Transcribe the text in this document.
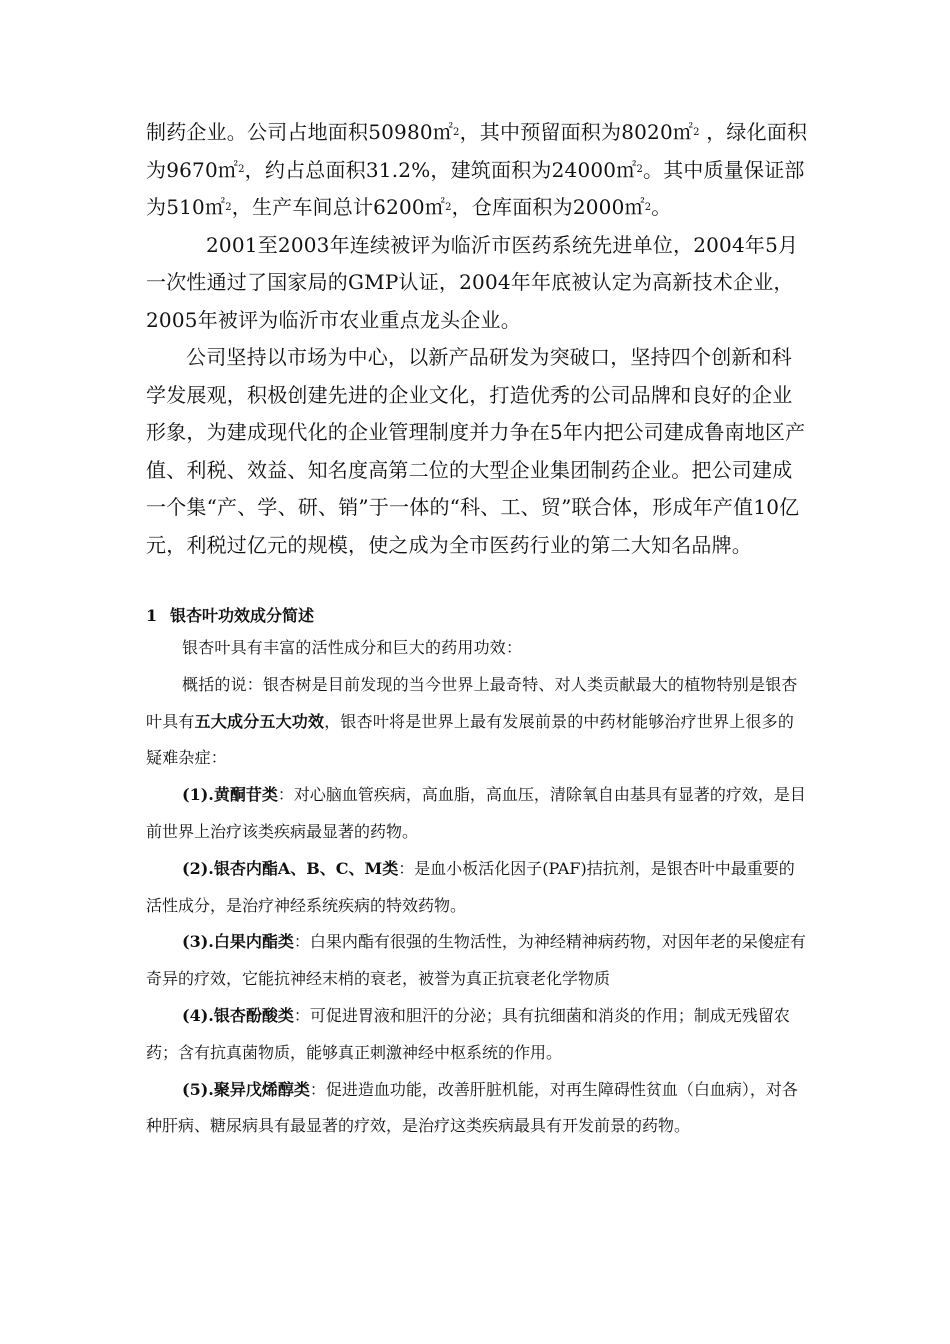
制药企业。公司占地面积50980㎡$^2$，其中预留面积为8020㎡$^2$ ，绿化面积为9670㎡$^2$，约占总面积31.2%，建筑面积为24000㎡$^2$。其中质量保证部为510㎡$^2$，生产车间总计6200㎡$^2$，仓库面积为2000㎡$^2$。

2001至2003年连续被评为临沂市医药系统先进单位，2004年5月一次性通过了国家局的GMP认证，2004年年底被认定为高新技术企业，2005年被评为临沂市农业重点龙头企业。

公司坚持以市场为中心，以新产品研发为突破口，坚持四个创新和科学发展观，积极创建先进的企业文化，打造优秀的公司品牌和良好的企业形象，为建成现代化的企业管理制度并力争在5年内把公司建成鲁南地区产值、利税、效益、知名度高第二位的大型企业集团制药企业。把公司建成一个集“产、学、研、销”于一体的“科、工、贸”联合体，形成年产值10亿元，利税过亿元的规模，使之成为全市医药行业的第二大知名品牌。

1 银杏叶功效成分简述

银杏叶具有丰富的活性成分和巨大的药用功效：

概括的说：银杏树是目前发现的当今世界上最奇特、对人类贡献最大的植物特别是银杏叶具有五大成分五大功效，银杏叶将是世界上最有发展前景的中药材能够治疗世界上很多的疑难杂症：

(1).黄酮苷类：对心脑血管疾病，高血脂，高血压，清除氧自由基具有显著的疗效，是目前世界上治疗该类疾病最显著的药物。

(2).银杏内酯A、B、C、M类：是血小板活化因子(PAF)拮抗剂，是银杏叶中最重要的活性成分，是治疗神经系统疾病的特效药物。

(3).白果内酯类：白果内酯有很强的生物活性，为神经精神病药物，对因年老的呆傻症有奇异的疗效，它能抗神经末梢的衰老，被誉为真正抗衰老化学物质

(4).银杏酚酸类：可促进胃液和胆汗的分泌；具有抗细菌和消炎的作用；制成无残留农药；含有抗真菌物质，能够真正刺激神经中枢系统的作用。

(5).聚异戊烯醇类：促进造血功能，改善肝脏机能，对再生障碍性贫血（白血病），对各种肝病、糖尿病具有最显著的疗效，是治疗这类疾病最具有开发前景的药物。
